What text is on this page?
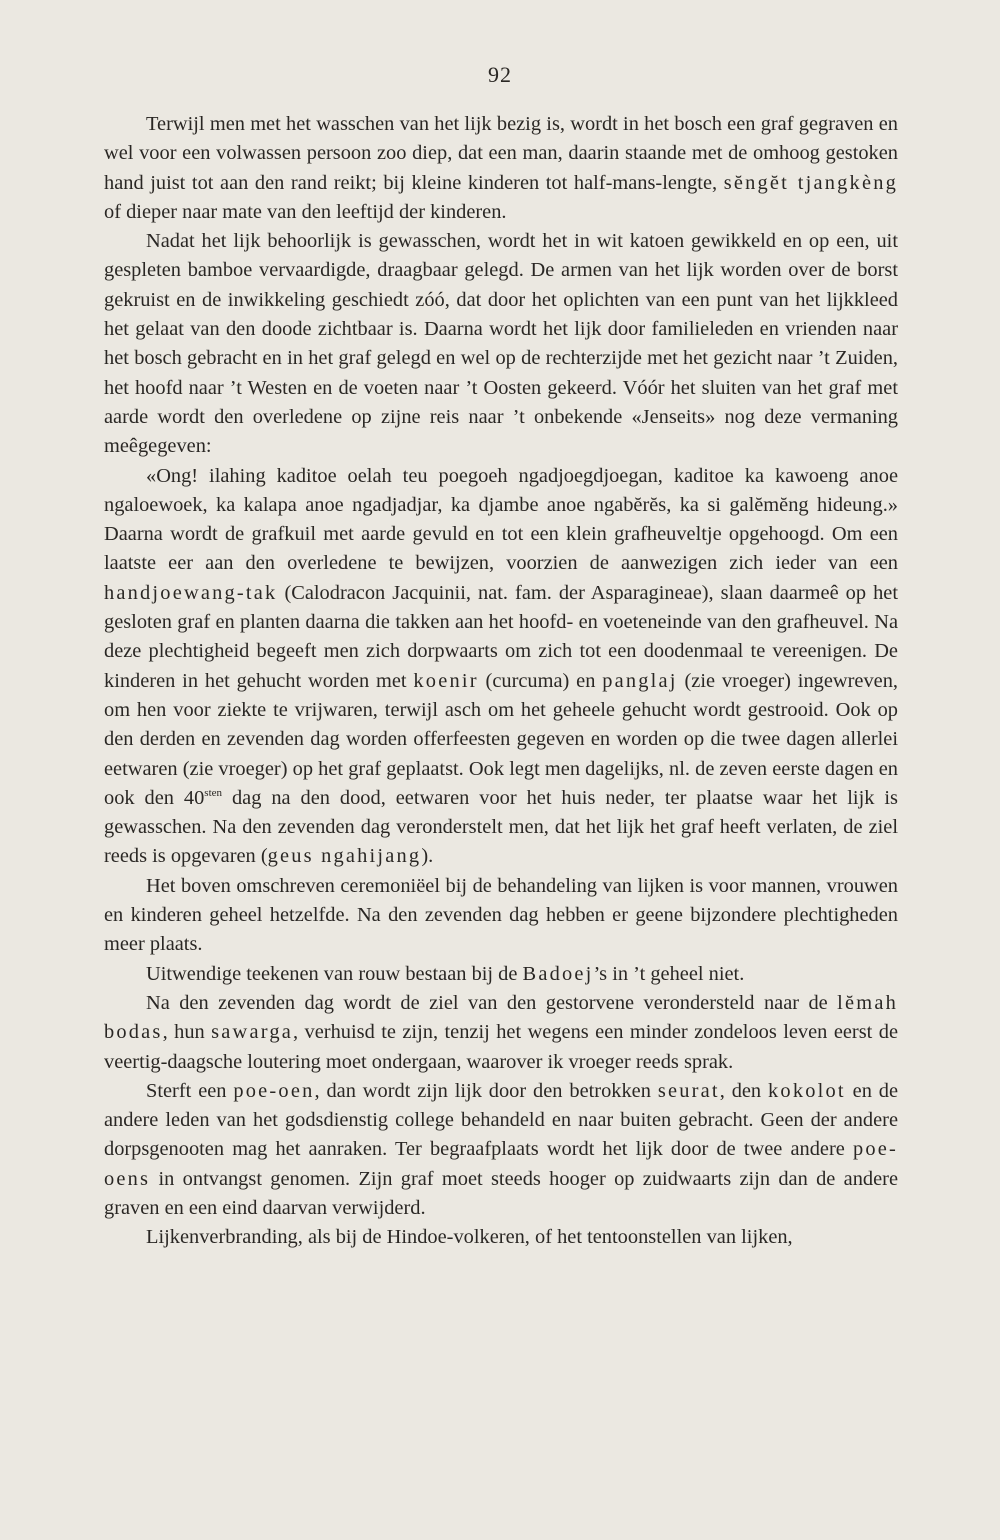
92

Terwijl men met het wasschen van het lijk bezig is, wordt in het bosch een graf gegraven en wel voor een volwassen persoon zoo diep, dat een man, daarin staande met de omhoog gestoken hand juist tot aan den rand reikt; bij kleine kinderen tot half-mans-lengte, sĕngĕt tjangkèng of dieper naar mate van den leeftijd der kinderen.

Nadat het lijk behoorlijk is gewasschen, wordt het in wit katoen gewikkeld en op een, uit gespleten bamboe vervaardigde, draagbaar gelegd. De armen van het lijk worden over de borst gekruist en de inwikkeling geschiedt zóó, dat door het oplichten van een punt van het lijkkleed het gelaat van den doode zichtbaar is. Daarna wordt het lijk door familieleden en vrienden naar het bosch gebracht en in het graf gelegd en wel op de rechterzijde met het gezicht naar ’t Zuiden, het hoofd naar ’t Westen en de voeten naar ’t Oosten gekeerd. Vóór het sluiten van het graf met aarde wordt den overledene op zijne reis naar ’t onbekende «Jenseits» nog deze vermaning meêgegeven:

«Ong! ilahing kaditoe oelah teu poegoeh ngadjoegdjoegan, kaditoe ka kawoeng anoe ngaloewoek, ka kalapa anoe ngadjadjar, ka djambe anoe ngabĕrĕs, ka si galĕmĕng hideung.» Daarna wordt de grafkuil met aarde gevuld en tot een klein grafheuveltje opgehoogd. Om een laatste eer aan den overledene te bewijzen, voorzien de aanwezigen zich ieder van een handjoewang-tak (Calodracon Jacquinii, nat. fam. der Asparagineae), slaan daarmeê op het gesloten graf en planten daarna die takken aan het hoofd- en voeteneinde van den grafheuvel. Na deze plechtigheid begeeft men zich dorpwaarts om zich tot een doodenmaal te vereenigen. De kinderen in het gehucht worden met koenir (curcuma) en panglaj (zie vroeger) ingewreven, om hen voor ziekte te vrijwaren, terwijl asch om het geheele gehucht wordt gestrooid. Ook op den derden en zevenden dag worden offerfeesten gegeven en worden op die twee dagen allerlei eetwaren (zie vroeger) op het graf geplaatst. Ook legt men dagelijks, nl. de zeven eerste dagen en ook den $40^{sten}$ dag na den dood, eetwaren voor het huis neder, ter plaatse waar het lijk is gewasschen. Na den zevenden dag veronderstelt men, dat het lijk het graf heeft verlaten, de ziel reeds is opgevaren (geus ngahijang).

Het boven omschreven ceremoniëel bij de behandeling van lijken is voor mannen, vrouwen en kinderen geheel hetzelfde. Na den zevenden dag hebben er geene bijzondere plechtigheden meer plaats.

Uitwendige teekenen van rouw bestaan bij de Badoej’s in ’t geheel niet.

Na den zevenden dag wordt de ziel van den gestorvene verondersteld naar de lĕmah bodas, hun sawarga, verhuisd te zijn, tenzij het wegens een minder zondeloos leven eerst de veertig-daagsche loutering moet ondergaan, waarover ik vroeger reeds sprak.

Sterft een poe-oen, dan wordt zijn lijk door den betrokken seurat, den kokolot en de andere leden van het godsdienstig college behandeld en naar buiten gebracht. Geen der andere dorpsgenooten mag het aanraken. Ter begraafplaats wordt het lijk door de twee andere poe-oens in ontvangst genomen. Zijn graf moet steeds hooger op zuidwaarts zijn dan de andere graven en een eind daarvan verwijderd.

Lijkenverbranding, als bij de Hindoe-volkeren, of het tentoonstellen van lijken,
